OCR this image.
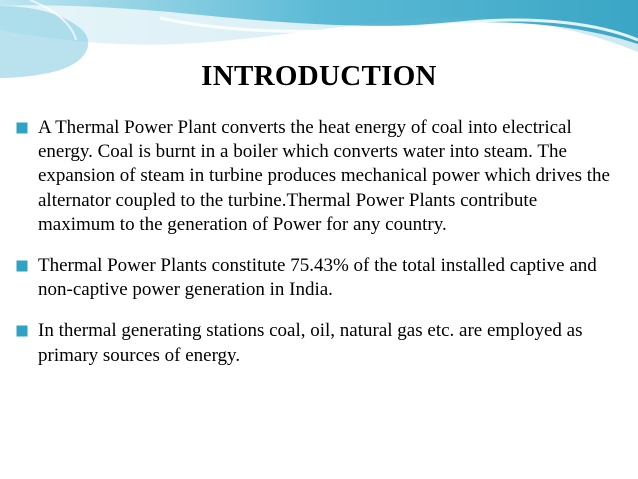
INTRODUCTION
A Thermal Power Plant converts the heat energy of coal into electrical energy. Coal is burnt in a boiler which converts water into steam. The expansion of steam in turbine produces mechanical power which drives the alternator coupled to the turbine.Thermal Power Plants contribute maximum to the generation of Power for any country.
Thermal Power Plants constitute 75.43% of the total installed captive and non-captive power generation in India.
In thermal generating stations coal, oil, natural gas etc. are employed as primary sources of energy.
